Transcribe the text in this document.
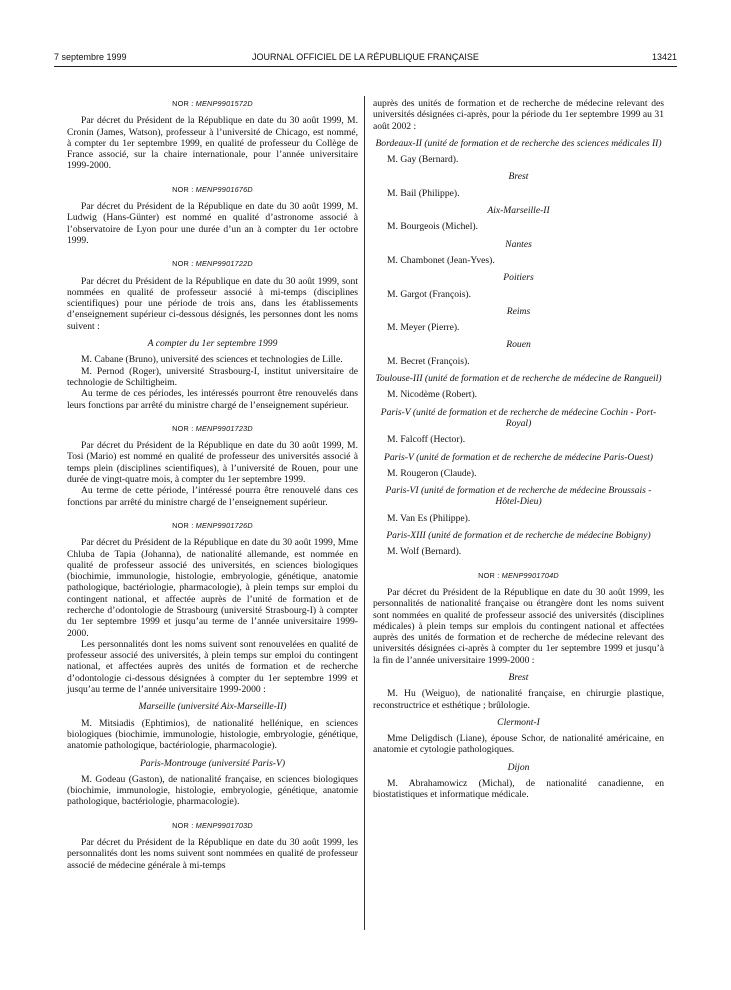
7 septembre 1999	JOURNAL OFFICIEL DE LA RÉPUBLIQUE FRANÇAISE	13421
NOR : MENP9901572D

Par décret du Président de la République en date du 30 août 1999, M. Cronin (James, Watson), professeur à l’université de Chicago, est nommé, à compter du 1er septembre 1999, en qualité de professeur du Collège de France associé, sur la chaire internationale, pour l’année universitaire 1999-2000.

NOR : MENP9901676D

Par décret du Président de la République en date du 30 août 1999, M. Ludwig (Hans-Günter) est nommé en qualité d’astronome associé à l’observatoire de Lyon pour une durée d’un an à compter du 1er octobre 1999.

NOR : MENP9901722D

Par décret du Président de la République en date du 30 août 1999, sont nommées en qualité de professeur associé à mi-temps (disciplines scientifiques) pour une période de trois ans, dans les établissements d’enseignement supérieur ci-dessous désignés, les personnes dont les noms suivent :

A compter du 1er septembre 1999

M. Cabane (Bruno), université des sciences et technologies de Lille.

M. Pernod (Roger), université Strasbourg-I, institut universitaire de technologie de Schiltigheim.

Au terme de ces périodes, les intéressés pourront être renouvelés dans leurs fonctions par arrêté du ministre chargé de l’enseignement supérieur.

NOR : MENP9901723D

Par décret du Président de la République en date du 30 août 1999, M. Tosi (Mario) est nommé en qualité de professeur des universités associé à temps plein (disciplines scientifiques), à l’université de Rouen, pour une durée de vingt-quatre mois, à compter du 1er septembre 1999.

Au terme de cette période, l’intéressé pourra être renouvelé dans ces fonctions par arrêté du ministre chargé de l’enseignement supérieur.

NOR : MENP9901726D

Par décret du Président de la République en date du 30 août 1999, Mme Chluba de Tapia (Johanna), de nationalité allemande, est nommée en qualité de professeur associé des universités, en sciences biologiques (biochimie, immunologie, histologie, embryologie, génétique, anatomie pathologique, bactériologie, pharmacologie), à plein temps sur emploi du contingent national, et affectée auprès de l’unité de formation et de recherche d’odontologie de Strasbourg (université Strasbourg-I) à compter du 1er septembre 1999 et jusqu’au terme de l’année universitaire 1999-2000.

Les personnalités dont les noms suivent sont renouvelées en qualité de professeur associé des universités, à plein temps sur emploi du contingent national, et affectées auprès des unités de formation et de recherche d’odontologie ci-dessous désignées à compter du 1er septembre 1999 et jusqu’au terme de l’année universitaire 1999-2000 :

Marseille (université Aix-Marseille-II)

M. Mitsiadis (Ephtimios), de nationalité hellénique, en sciences biologiques (biochimie, immunologie, histologie, embryologie, génétique, anatomie pathologique, bactériologie, pharmacologie).

Paris-Montrouge (université Paris-V)

M. Godeau (Gaston), de nationalité française, en sciences biologiques (biochimie, immunologie, histologie, embryologie, génétique, anatomie pathologique, bactériologie, pharmacologie).

NOR : MENP9901703D

Par décret du Président de la République en date du 30 août 1999, les personnalités dont les noms suivent sont nommées en qualité de professeur associé de médecine générale à mi-temps

auprès des unités de formation et de recherche de médecine relevant des universités désignées ci-après, pour la période du 1er septembre 1999 au 31 août 2002 :

Bordeaux-II (unité de formation et de recherche des sciences médicales II)

M. Gay (Bernard).

Brest

M. Bail (Philippe).

Aix-Marseille-II

M. Bourgeois (Michel).

Nantes

M. Chambonet (Jean-Yves).

Poitiers

M. Gargot (François).

Reims

M. Meyer (Pierre).

Rouen

M. Becret (François).

Toulouse-III (unité de formation et de recherche de médecine de Rangueil)

M. Nicodème (Robert).

Paris-V (unité de formation et de recherche de médecine Cochin - Port-Royal)

M. Falcoff (Hector).

Paris-V (unité de formation et de recherche de médecine Paris-Ouest)

M. Rougeron (Claude).

Paris-VI (unité de formation et de recherche de médecine Broussais - Hôtel-Dieu)

M. Van Es (Philippe).

Paris-XIII (unité de formation et de recherche de médecine Bobigny)

M. Wolf (Bernard).

NOR : MENP9901704D

Par décret du Président de la République en date du 30 août 1999, les personnalités de nationalité française ou étrangère dont les noms suivent sont nommées en qualité de professeur associé des universités (disciplines médicales) à plein temps sur emplois du contingent national et affectées auprès des unités de formation et de recherche de médecine relevant des universités désignées ci-après à compter du 1er septembre 1999 et jusqu’à la fin de l’année universitaire 1999-2000 :

Brest

M. Hu (Weiguo), de nationalité française, en chirurgie plastique, reconstructrice et esthétique ; brûlologie.

Clermont-I

Mme Deligdisch (Liane), épouse Schor, de nationalité américaine, en anatomie et cytologie pathologiques.

Dijon

M. Abrahamowicz (Michal), de nationalité canadienne, en biostatistiques et informatique médicale.
